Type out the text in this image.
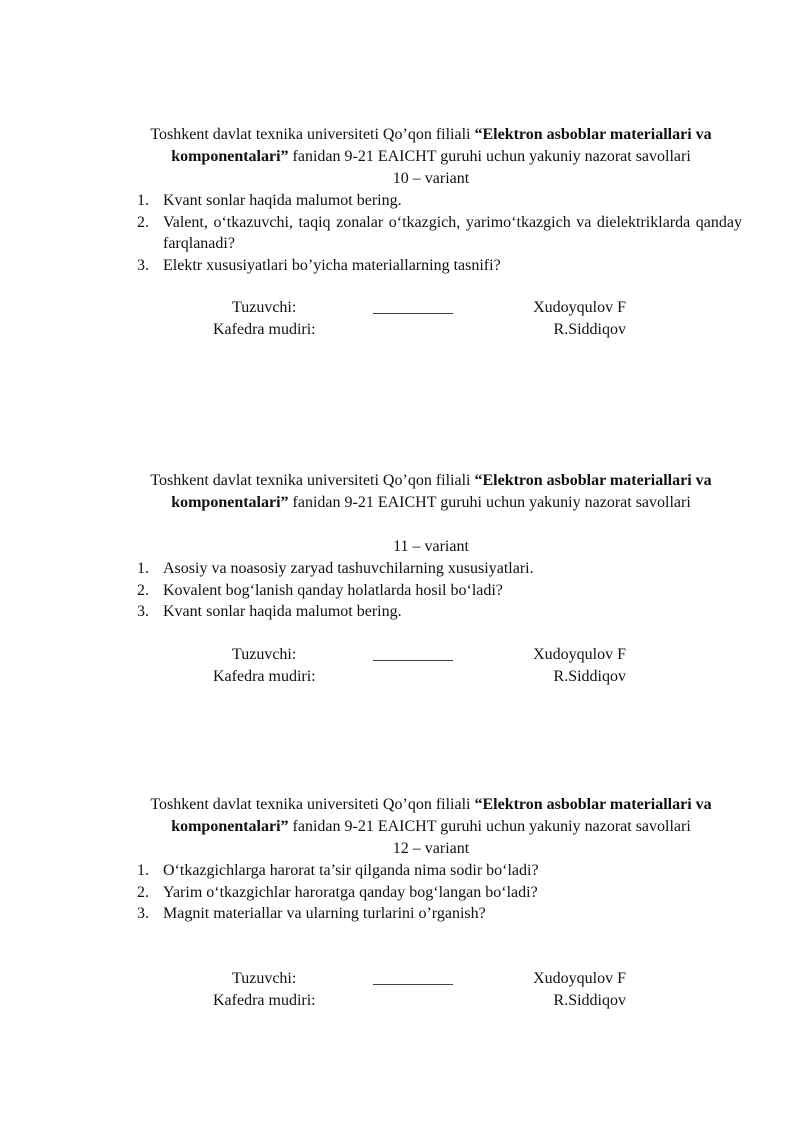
Toshkent davlat texnika universiteti Qo’qon filiali “Elektron asboblar materiallari va komponentalari” fanidan 9-21 EAICHT guruhi uchun yakuniy nazorat savollari
10 – variant
1. Kvant sonlar haqida malumot bering.
2. Valent, o‘tkazuvchi, taqiq zonalar o‘tkazgich, yarimo‘tkazgich va dielektriklarda qanday farqlanadi?
3. Elektr xususiyatlari bo’yicha materiallarning tasnifi?
Tuzuvchi:	__________	Xudoyqulov F
Kafedra mudiri:	R.Siddiqov
Toshkent davlat texnika universiteti Qo’qon filiali “Elektron asboblar materiallari va komponentalari” fanidan 9-21 EAICHT guruhi uchun yakuniy nazorat savollari
11 – variant
1. Asosiy va noasosiy zaryad tashuvchilarning xususiyatlari.
2. Kovalent bog‘lanish qanday holatlarda hosil bo‘ladi?
3. Kvant sonlar haqida malumot bering.
Tuzuvchi:	__________	Xudoyqulov F
Kafedra mudiri:	R.Siddiqov
Toshkent davlat texnika universiteti Qo’qon filiali “Elektron asboblar materiallari va komponentalari” fanidan 9-21 EAICHT guruhi uchun yakuniy nazorat savollari
12 – variant
1. O‘tkazgichlarga harorat ta’sir qilganda nima sodir bo‘ladi?
2. Yarim o‘tkazgichlar haroratga qanday bog‘langan bo‘ladi?
3. Magnit materiallar va ularning turlarini o’rganish?
Tuzuvchi:	__________	Xudoyqulov F
Kafedra mudiri:	R.Siddiqov
